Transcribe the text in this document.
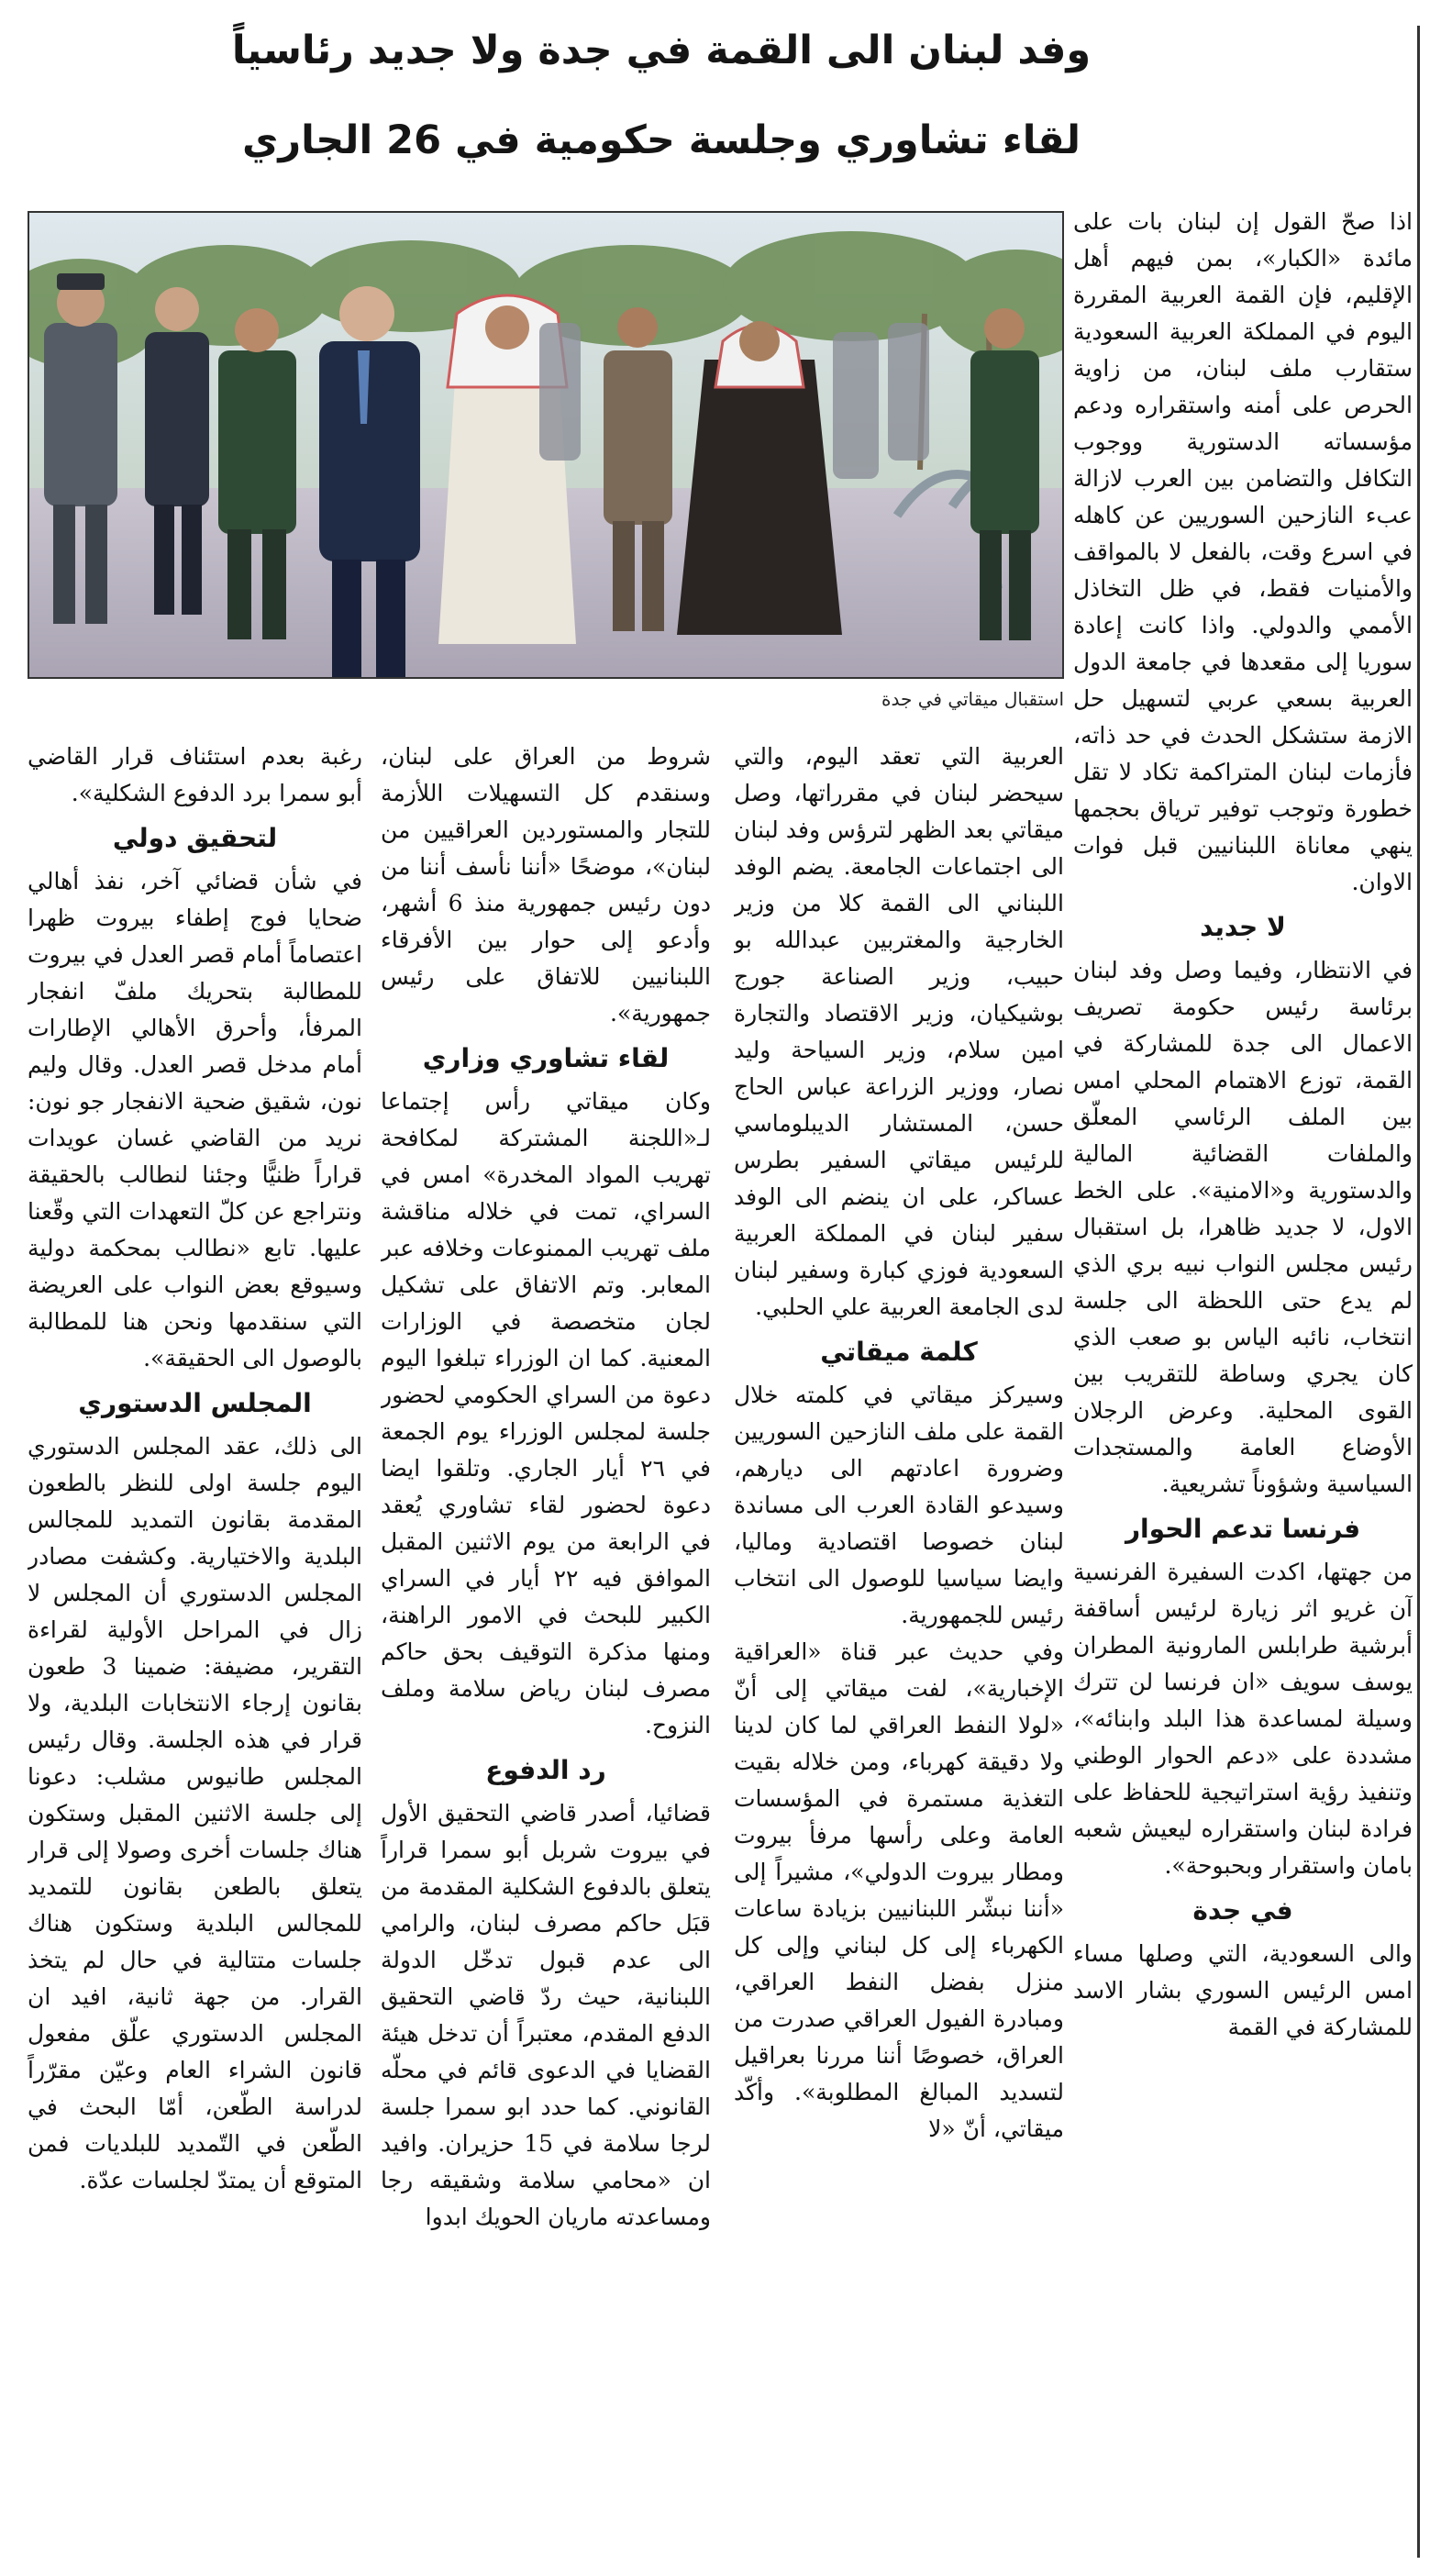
وفد لبنان الى القمة في جدة ولا جديد رئاسياً
لقاء تشاوري وجلسة حكومية في 26 الجاري
استقبال ميقاتي في جدة

اذا صحّ القول إن لبنان بات على مائدة «الكبار»، بمن فيهم أهل الإقليم، فإن القمة العربية المقررة اليوم في المملكة العربية السعودية ستقارب ملف لبنان، من زاوية الحرص على أمنه واستقراره ودعم مؤسساته الدستورية ووجوب التكافل والتضامن بين العرب لازالة عبء النازحين السوريين عن كاهله في اسرع وقت، بالفعل لا بالمواقف والأمنيات فقط، في ظل التخاذل الأممي والدولي. واذا كانت إعادة سوريا إلى مقعدها في جامعة الدول العربية بسعي عربي لتسهيل حل الازمة ستشكل الحدث في حد ذاته، فأزمات لبنان المتراكمة تكاد لا تقل خطورة وتوجب توفير ترياق بحجمها ينهي معاناة اللبنانيين قبل فوات الاوان.

لا جديد

في الانتظار، وفيما وصل وفد لبنان برئاسة رئيس حكومة تصريف الاعمال الى جدة للمشاركة في القمة، توزع الاهتمام المحلي امس بين الملف الرئاسي المعلّق والملفات القضائية المالية والدستورية و«الامنية». على الخط الاول، لا جديد ظاهرا، بل استقبال رئيس مجلس النواب نبيه بري الذي لم يدع حتى اللحظة الى جلسة انتخاب، نائبه الياس بو صعب الذي كان يجري وساطة للتقريب بين القوى المحلية. وعرض الرجلان الأوضاع العامة والمستجدات السياسية وشؤوناً تشريعية.

فرنسا تدعم الحوار

من جهتها، اكدت السفيرة الفرنسية آن غريو اثر زيارة لرئيس أساقفة أبرشية طرابلس المارونية المطران يوسف سويف «ان فرنسا لن تترك وسيلة لمساعدة هذا البلد وابنائه»، مشددة على «دعم الحوار الوطني وتنفيذ رؤية استراتيجية للحفاظ على فرادة لبنان واستقراره ليعيش شعبه بامان واستقرار وبحبوحة».

في جدة

والى السعودية، التي وصلها مساء امس الرئيس السوري بشار الاسد للمشاركة في القمة

العربية التي تعقد اليوم، والتي سيحضر لبنان في مقرراتها، وصل ميقاتي بعد الظهر لترؤس وفد لبنان الى اجتماعات الجامعة. يضم الوفد اللبناني الى القمة كلا من وزير الخارجية والمغتربين عبدالله بو حبيب، وزير الصناعة جورج بوشيكيان، وزير الاقتصاد والتجارة امين سلام، وزير السياحة وليد نصار، ووزير الزراعة عباس الحاج حسن، المستشار الديبلوماسي للرئيس ميقاتي السفير بطرس عساكر، على ان ينضم الى الوفد سفير لبنان في المملكة العربية السعودية فوزي كبارة وسفير لبنان لدى الجامعة العربية علي الحلبي.

كلمة ميقاتي

وسيركز ميقاتي في كلمته خلال القمة على ملف النازحين السوريين وضرورة اعادتهم الى ديارهم، وسيدعو القادة العرب الى مساندة لبنان خصوصا اقتصادية وماليا، وايضا سياسيا للوصول الى انتخاب رئيس للجمهورية.

وفي حديث عبر قناة «العراقية الإخبارية»، لفت ميقاتي إلى أنّ «لولا النفط العراقي لما كان لدينا ولا دقيقة كهرباء، ومن خلاله بقيت التغذية مستمرة في المؤسسات العامة وعلى رأسها مرفأ بيروت ومطار بيروت الدولي»، مشيراً إلى «أننا نبشّر اللبنانيين بزيادة ساعات الكهرباء إلى كل لبناني وإلى كل منزل بفضل النفط العراقي، ومبادرة الفيول العراقي صدرت من العراق، خصوصًا أننا مررنا بعراقيل لتسديد المبالغ المطلوبة». وأكّد ميقاتي، أنّ «لا

شروط من العراق على لبنان، وسنقدم كل التسهيلات اللأزمة للتجار والمستوردين العراقيين من لبنان»، موضحًا «أننا نأسف أننا من دون رئيس جمهورية منذ 6 أشهر، وأدعو إلى حوار بين الأفرقاء اللبنانيين للاتفاق على رئيس جمهورية».

لقاء تشاوري وزاري

وكان ميقاتي رأس إجتماعا لـ«اللجنة المشتركة لمكافحة تهريب المواد المخدرة» امس في السراي، تمت في خلاله مناقشة ملف تهريب الممنوعات وخلافه عبر المعابر. وتم الاتفاق على تشكيل لجان متخصصة في الوزارات المعنية. كما ان الوزراء تبلغوا اليوم دعوة من السراي الحكومي لحضور جلسة لمجلس الوزراء يوم الجمعة في ٢٦ أيار الجاري. وتلقوا ايضا دعوة لحضور لقاء تشاوري يُعقد في الرابعة من يوم الاثنين المقبل الموافق فيه ٢٢ أيار في السراي الكبير للبحث في الامور الراهنة، ومنها مذكرة التوقيف بحق حاكم مصرف لبنان رياض سلامة وملف النزوح.

رد الدفوع

قضائيا، أصدر قاضي التحقيق الأول في بيروت شربل أبو سمرا قراراً يتعلق بالدفوع الشكلية المقدمة من قبَل حاكم مصرف لبنان، والرامي الى عدم قبول تدخّل الدولة اللبنانية، حيث ردّ قاضي التحقيق الدفع المقدم، معتبراً أن تدخل هيئة القضايا في الدعوى قائم في محلّه القانوني. كما حدد ابو سمرا جلسة لرجا سلامة في 15 حزيران. وافيد ان «محامي سلامة وشقيقه رجا ومساعدته ماريان الحويك ابدوا

رغبة بعدم استئناف قرار القاضي أبو سمرا برد الدفوع الشكلية».

لتحقيق دولي

في شأن قضائي آخر، نفذ أهالي ضحايا فوج إطفاء بيروت ظهرا اعتصاماً أمام قصر العدل في بيروت للمطالبة بتحريك ملفّ انفجار المرفأ، وأحرق الأهالي الإطارات أمام مدخل قصر العدل. وقال وليم نون، شقيق ضحية الانفجار جو نون: نريد من القاضي غسان عويدات قراراً ظنيًّا وجئنا لنطالب بالحقيقة ونتراجع عن كلّ التعهدات التي وقّعنا عليها. تابع «نطالب بمحكمة دولية وسيوقع بعض النواب على العريضة التي سنقدمها ونحن هنا للمطالبة بالوصول الى الحقيقة».

المجلس الدستوري

الى ذلك، عقد المجلس الدستوري اليوم جلسة اولى للنظر بالطعون المقدمة بقانون التمديد للمجالس البلدية والاختيارية. وكشفت مصادر المجلس الدستوري أن المجلس لا زال في المراحل الأولية لقراءة التقرير، مضيفة: ضمينا 3 طعون بقانون إرجاء الانتخابات البلدية، ولا قرار في هذه الجلسة. وقال رئيس المجلس طانيوس مشلب: دعونا إلى جلسة الاثنين المقبل وستكون هناك جلسات أخرى وصولا إلى قرار يتعلق بالطعن بقانون للتمديد للمجالس البلدية وستكون هناك جلسات متتالية في حال لم يتخذ القرار. من جهة ثانية، افيد ان المجلس الدستوري علّق مفعول قانون الشراء العام وعيّن مقرّراً لدراسة الطّعن، أمّا البحث في الطّعن في التّمديد للبلديات فمن المتوقع أن يمتدّ لجلسات عدّة.
